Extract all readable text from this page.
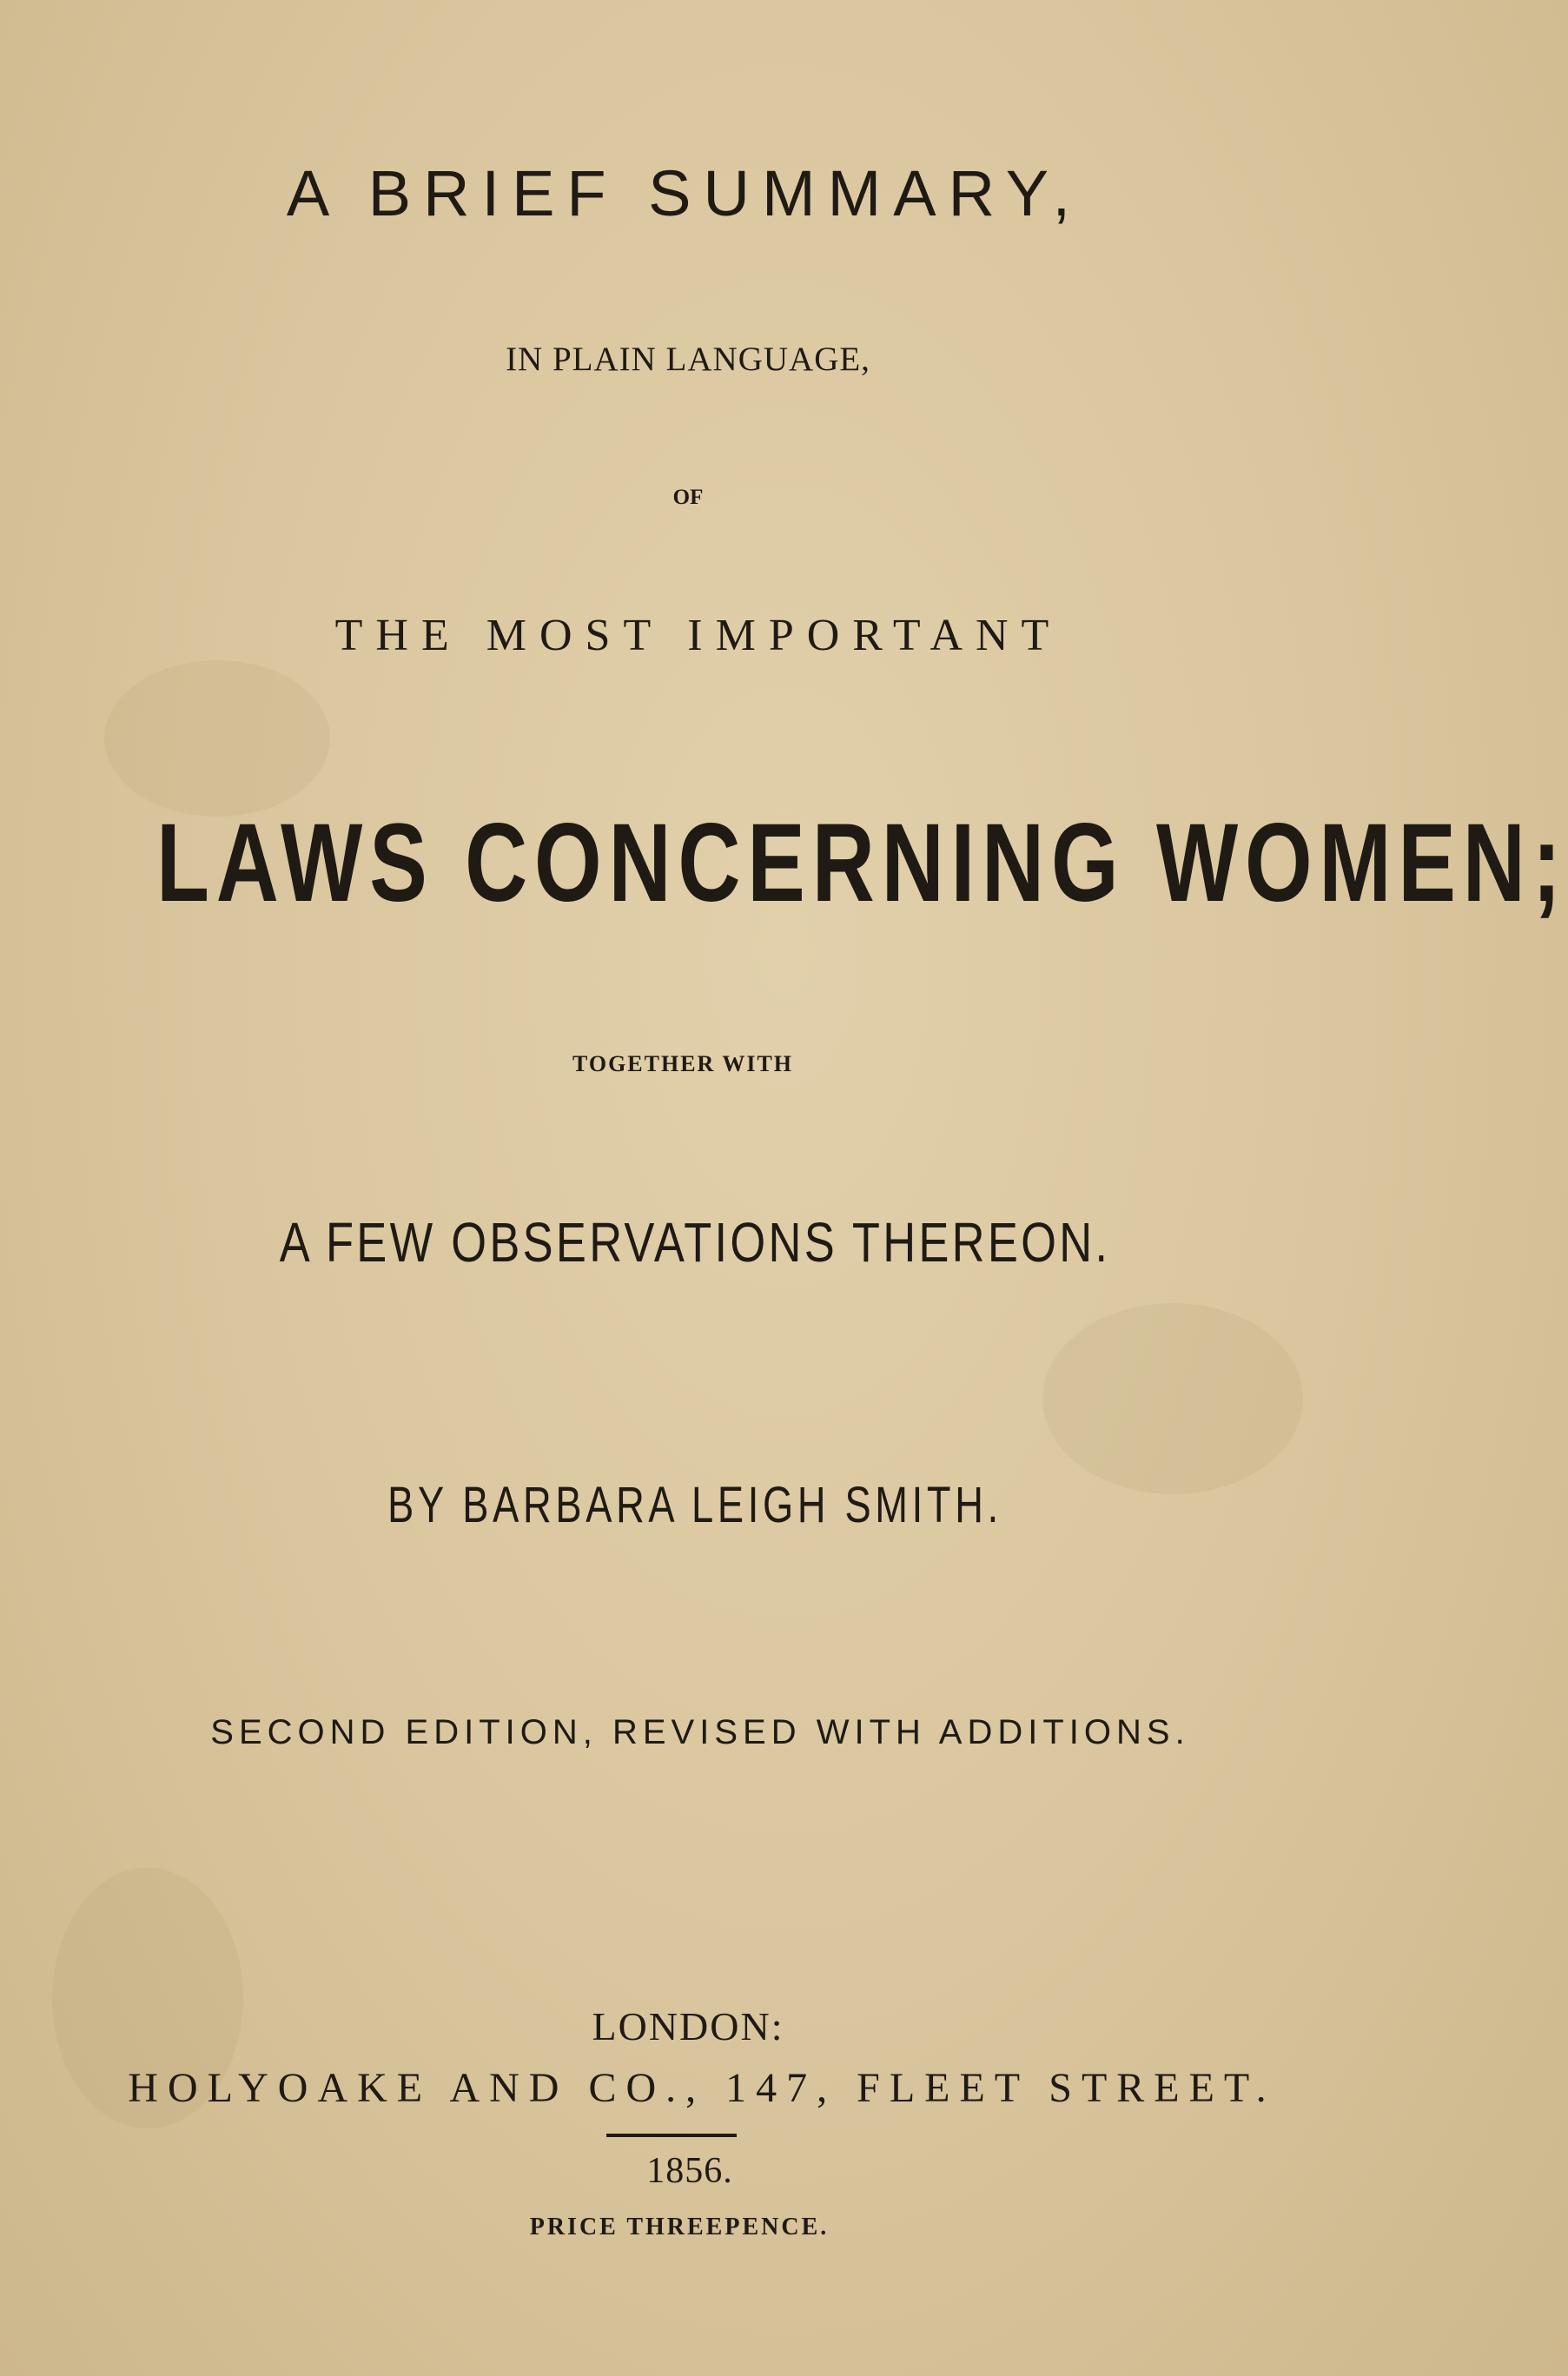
A BRIEF SUMMARY,

IN PLAIN LANGUAGE,

OF

THE MOST IMPORTANT

LAWS CONCERNING WOMEN;

TOGETHER WITH

A FEW OBSERVATIONS THEREON.

BY BARBARA LEIGH SMITH.

SECOND EDITION, REVISED WITH ADDITIONS.

LONDON:

HOLYOAKE AND CO., 147, FLEET STREET.

1856.

PRICE THREEPENCE.
